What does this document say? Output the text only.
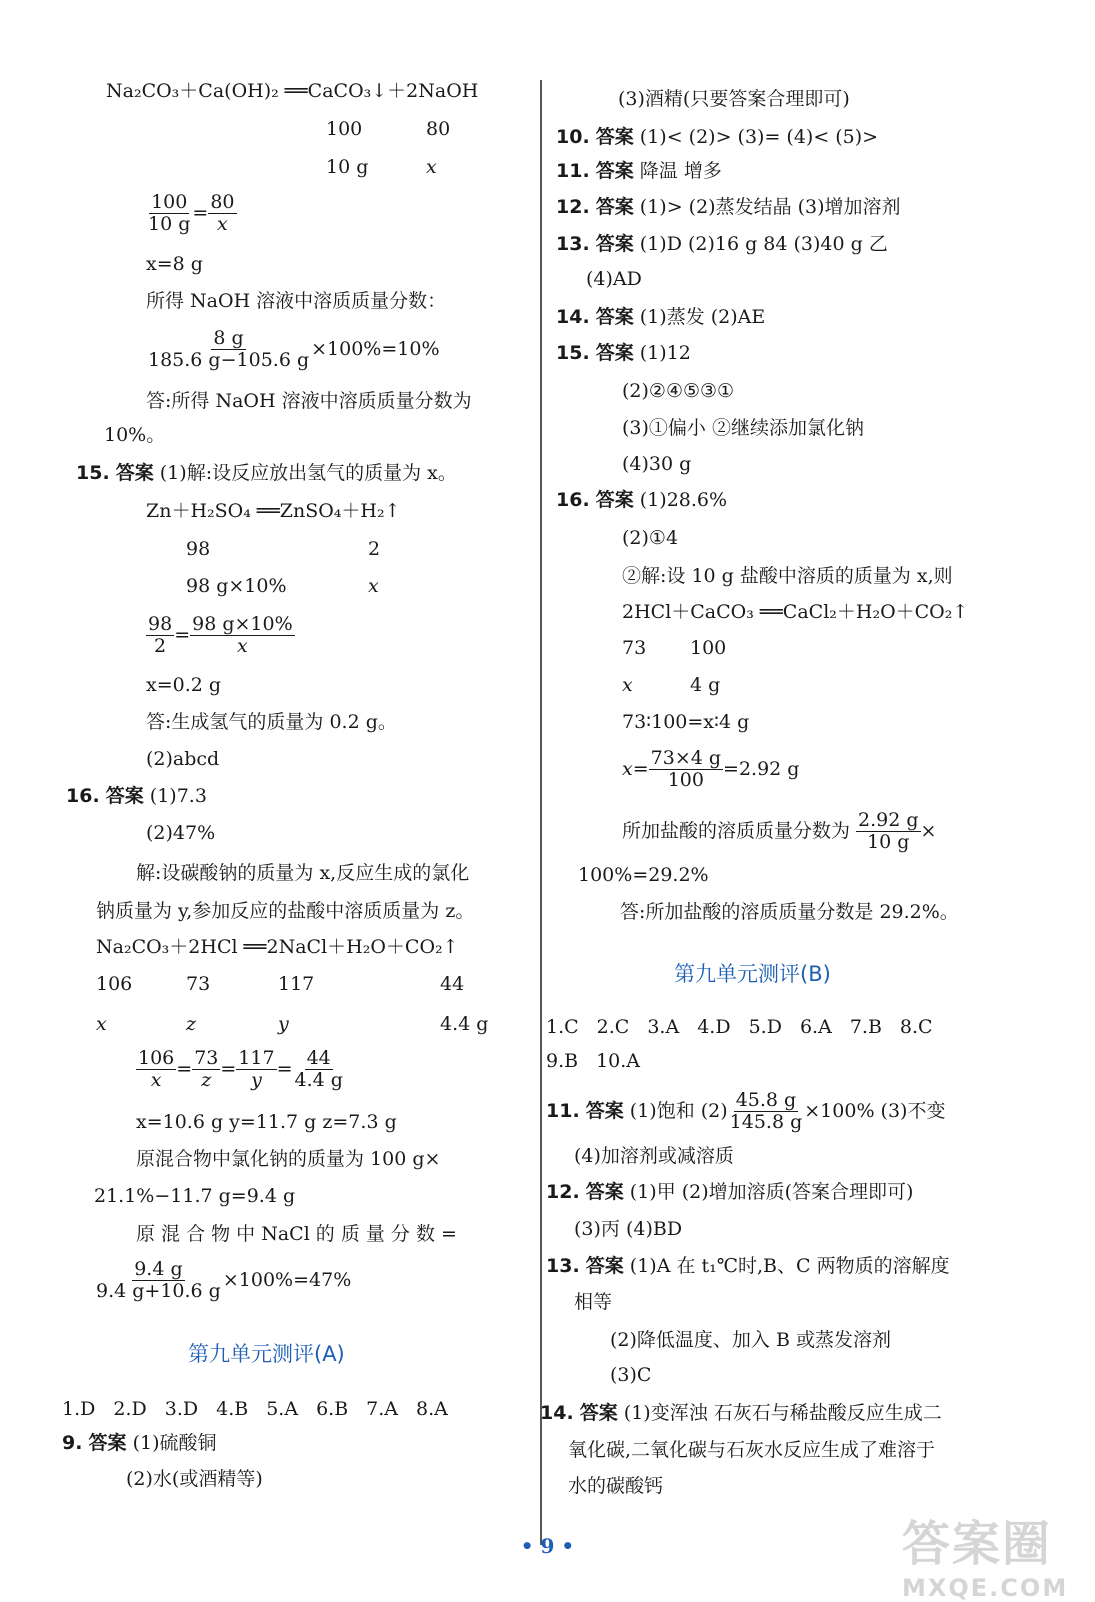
Na₂CO₃＋Ca(OH)₂ ══CaCO₃↓＋2NaOH
100	80
10 g	x
$\frac{100}{10 g} = \frac{80}{x}$
x=8 g
所得 NaOH 溶液中溶质质量分数：
$\frac{8 g}{185.6 g-105.6 g} \times 100\%=10\%$
答:所得 NaOH 溶液中溶质质量分数为
10%。
15. 答案 (1)解:设反应放出氢气的质量为 x。
Zn＋H₂SO₄ ══ZnSO₄＋H₂↑
98	2
98 g×10%	x
$\frac{98}{2} = \frac{98 g\times 10\%}{x}$
x=0.2 g
答:生成氢气的质量为 0.2 g。
(2)abcd
16. 答案 (1)7.3
(2)47%
解:设碳酸钠的质量为 x,反应生成的氯化
钠质量为 y,参加反应的盐酸中溶质质量为 z。
Na₂CO₃＋2HCl ══2NaCl＋H₂O＋CO₂↑
106	73	117	44
x	z	y	4.4 g
$\frac{106}{x} = \frac{73}{z} = \frac{117}{y} = \frac{44}{4.4 g}$
x=10.6 g y=11.7 g z=7.3 g
原混合物中氯化钠的质量为 100 g×
21.1%−11.7 g=9.4 g
原 混 合 物 中 NaCl 的 质 量 分 数 =
$\frac{9.4 g}{9.4 g+10.6 g} \times 100\%=47\%$
第九单元测评(A)
1.D 2.D 3.D 4.B 5.A 6.B 7.A 8.A
9. 答案 (1)硫酸铜
(2)水(或酒精等)
(3)酒精(只要答案合理即可)
10. 答案 (1)< (2)> (3)= (4)< (5)>
11. 答案 降温 增多
12. 答案 (1)> (2)蒸发结晶 (3)增加溶剂
13. 答案 (1)D (2)16 g 84 (3)40 g 乙
(4)AD
14. 答案 (1)蒸发 (2)AE
15. 答案 (1)12
(2)②④⑤③①
(3)①偏小 ②继续添加氯化钠
(4)30 g
16. 答案 (1)28.6%
(2)①4
②解:设 10 g 盐酸中溶质的质量为 x,则
2HCl＋CaCO₃ ══CaCl₂＋H₂O＋CO₂↑
73 100
x	4 g
73∶100=x∶4 g
$x= \frac{73\times 4 g}{100} =2.92$ g
所加盐酸的溶质质量分数为 $\frac{2.92 g}{10 g}$ ×
100%=29.2%
答:所加盐酸的溶质质量分数是 29.2%。
第九单元测评(B)
1.C 2.C 3.A 4.D 5.D 6.A 7.B 8.C
9.B 10.A
11.
答案
(1)饱和 $(2) \frac{45.8 g}{145.8 g} \times 100\%$ (3)不变
(4)加溶剂或减溶质
12. 答案 (1)甲 (2)增加溶质(答案合理即可)
(3)丙 (4)BD
13. 答案 (1)A 在 t₁℃时,B、C 两物质的溶解度
相等
(2)降低温度、加入 B 或蒸发溶剂
(3)C
14. 答案 (1)变浑浊 石灰石与稀盐酸反应生成二
氧化碳,二氧化碳与石灰水反应生成了难溶于
水的碳酸钙
• 9 •	答案圈
MXQE.COM
